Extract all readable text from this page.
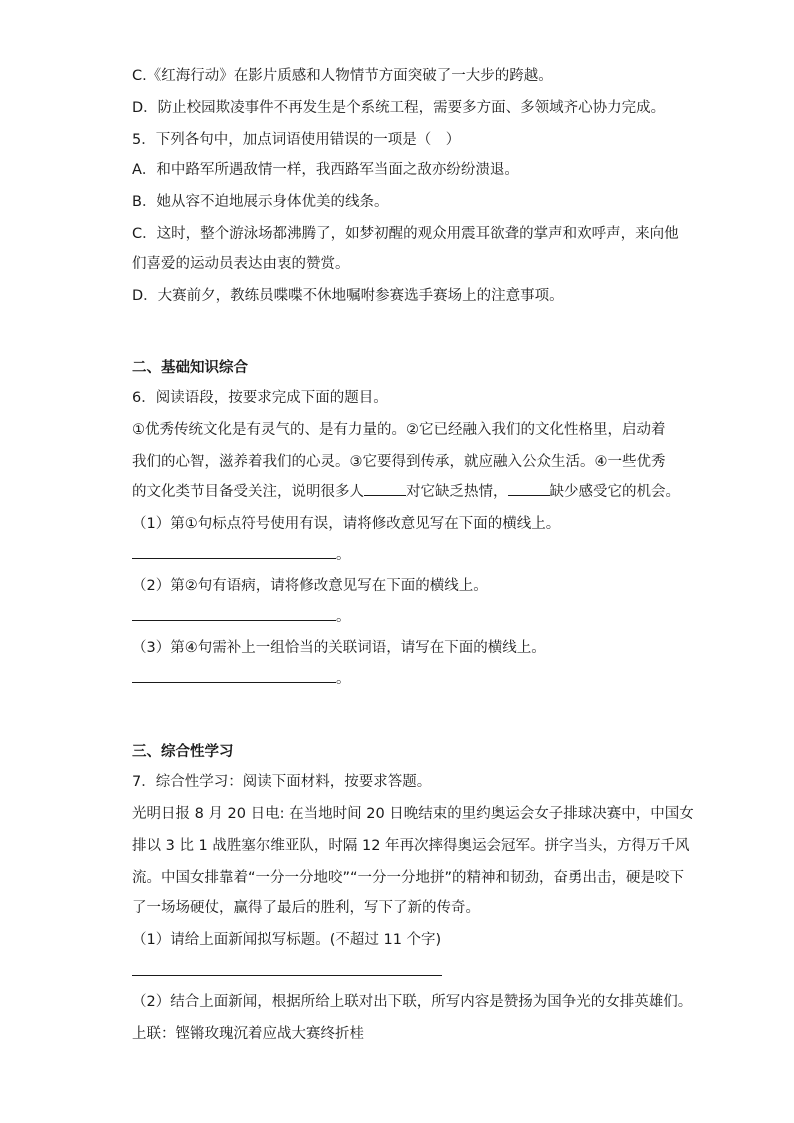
C.《红海行动》在影片质感和人物情节方面突破了一大步的跨越。
D．防止校园欺凌事件不再发生是个系统工程，需要多方面、多领域齐心协力完成。
5．下列各句中，加点词语使用错误的一项是（　）
A．和中路军所遇敌情一样，我西路军当面之敌亦纷纷溃退。
B．她从容不迫地展示身体优美的线条。
C．这时，整个游泳场都沸腾了，如梦初醒的观众用震耳欲聋的掌声和欢呼声，来向他
们喜爱的运动员表达由衷的赞赏。
D．大赛前夕，教练员喋喋不休地嘱咐参赛选手赛场上的注意事项。
二、基础知识综合
6．阅读语段，按要求完成下面的题目。
①优秀传统文化是有灵气的、是有力量的。②它已经融入我们的文化性格里，启动着
我们的心智，滋养着我们的心灵。③它要得到传承，就应融入公众生活。④一些优秀
的文化类节目备受关注，说明很多人	对它缺乏热情，	缺少感受它的机会。
（1）第①句标点符号使用有误，请将修改意见写在下面的横线上。
。
（2）第②句有语病，请将修改意见写在下面的横线上。
。
（3）第④句需补上一组恰当的关联词语，请写在下面的横线上。
。
三、综合性学习
7．综合性学习：阅读下面材料，按要求答题。
光明日报 8 月 20 日电: 在当地时间 20 日晚结束的里约奥运会女子排球决赛中，中国女
排以 3 比 1 战胜塞尔维亚队，时隔 12 年再次摔得奥运会冠军。拼字当头，方得万千风
流。中国女排靠着“一分一分地咬”“一分一分地拼”的精神和韧劲，奋勇出击，硬是咬下
了一场场硬仗，赢得了最后的胜利，写下了新的传奇。
（1）请给上面新闻拟写标题。(不超过 11 个字)
（2）结合上面新闻，根据所给上联对出下联，所写内容是赞扬为国争光的女排英雄们。
上联：铿锵玫瑰沉着应战大赛终折桂
